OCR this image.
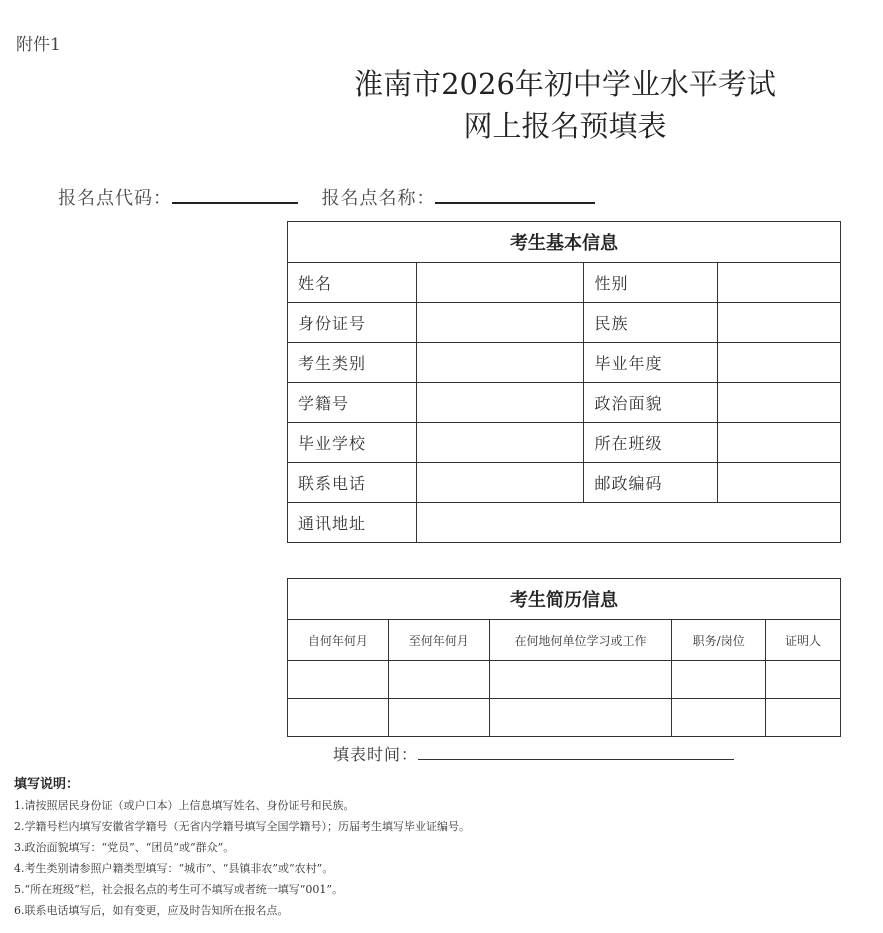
附件1
淮南市2026年初中学业水平考试
网上报名预填表
报名点代码：	报名点名称：
考生基本信息			
姓名		性别	
身份证号		民族	
考生类别		毕业年度	
学籍号		政治面貌	
毕业学校		所在班级	
联系电话		邮政编码	
通讯地址			
考生简历信息				
自何年何月	至何年何月	在何地何单位学习或工作	职务/岗位	证明人

填表时间：
填写说明：
1.请按照居民身份证（或户口本）上信息填写姓名、身份证号和民族。
2.学籍号栏内填写安徽省学籍号（无省内学籍号填写全国学籍号）；历届考生填写毕业证编号。
3.政治面貌填写：“党员”、“团员”或“群众”。
4.考生类别请参照户籍类型填写：“城市”、“县镇非农”或“农村”。
5.“所在班级”栏，社会报名点的考生可不填写或者统一填写“001”。
6.联系电话填写后，如有变更，应及时告知所在报名点。
